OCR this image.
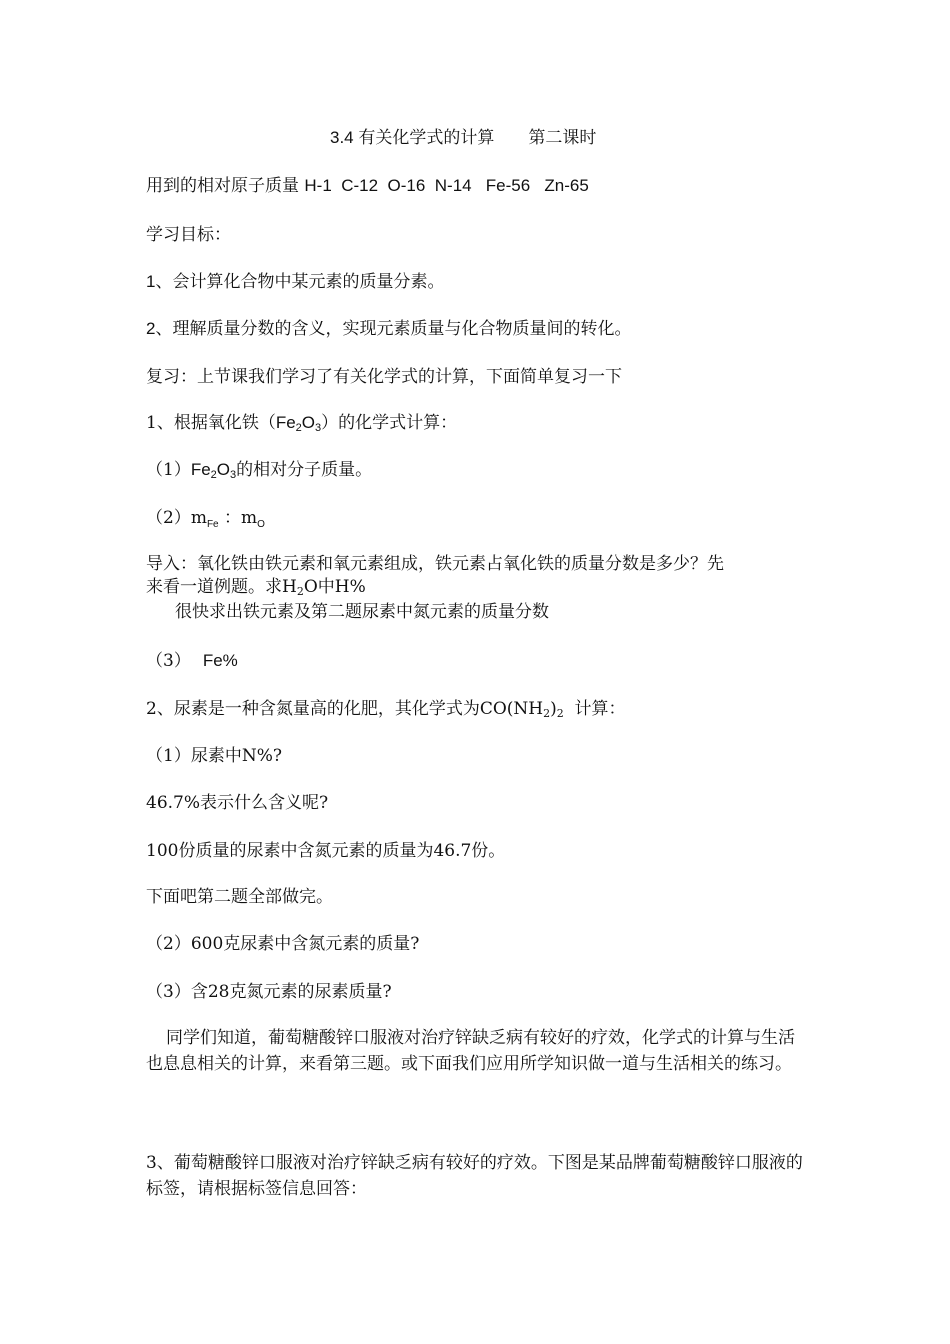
3.4 有关化学式的计算 第二课时
用到的相对原子质量 H-1  C-12  O-16  N-14   Fe-56   Zn-65
学习目标：
1、会计算化合物中某元素的质量分素。
2、理解质量分数的含义，实现元素质量与化合物质量间的转化。
复习：上节课我们学习了有关化学式的计算，下面简单复习一下
1、根据氧化铁$(Fe_2O_3)$的化学式计算：
$(1)Fe_2O_3$的相对分子质量。
$(2)m_{Fe}$ ：$m_O$
导入：氧化铁由铁元素和氧元素组成，铁元素占氧化铁的质量分数是多少？先
来看一道例题。求$H_2O$中H%
很快求出铁元素及第二题尿素中氮元素的质量分数
（3） Fe%
2、尿素是一种含氮量高的化肥，其化学式为$CO(NH_2)_2$  计算：
（1）尿素中N%?
46.7%表示什么含义呢?
100份质量的尿素中含氮元素的质量为46.7份。
下面吧第二题全部做完。
（2）600克尿素中含氮元素的质量?
（3）含28克氮元素的尿素质量?
同学们知道，葡萄糖酸锌口服液对治疗锌缺乏病有较好的疗效，化学式的计算与生活也息息相关的计算，来看第三题。或下面我们应用所学知识做一道与生活相关的练习。
3、葡萄糖酸锌口服液对治疗锌缺乏病有较好的疗效。下图是某品牌葡萄糖酸锌口服液的标签，请根据标签信息回答：
